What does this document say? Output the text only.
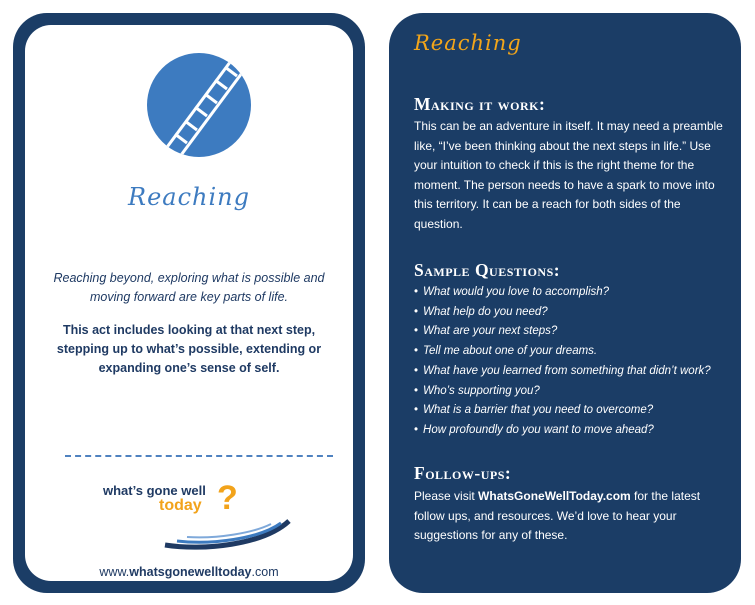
Reaching
Reaching beyond, exploring what is possible and moving forward are key parts of life.
This act includes looking at that next step, stepping up to what’s possible, extending or expanding one’s sense of self.
what’s gone well
today ?
www.whatsgonewelltoday.com
Reaching
Making it work:
This can be an adventure in itself. It may need a preamble like, “I’ve been thinking about the next steps in life.” Use your intuition to check if this is the right theme for the moment. The person needs to have a spark to move into this territory. It can be a reach for both sides of the question.
Sample Questions:
• What would you love to accomplish?
• What help do you need?
• What are your next steps?
• Tell me about one of your dreams.
• What have you learned from something that didn’t work?
• Who’s supporting you?
• What is a barrier that you need to overcome?
• How profoundly do you want to move ahead?
Follow-ups:
Please visit WhatsGoneWellToday.com for the latest follow ups, and resources. We’d love to hear your suggestions for any of these.
